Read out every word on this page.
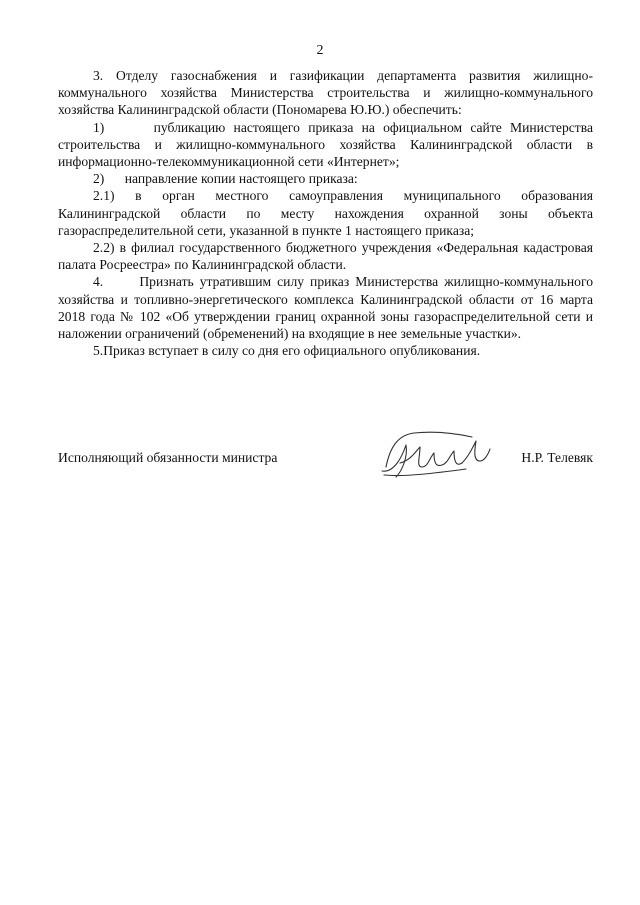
2

3. Отделу газоснабжения и газификации департамента развития жилищно-коммунального хозяйства Министерства строительства и жилищно-коммунального хозяйства Калининградской области (Пономарева Ю.Ю.) обеспечить:

1)      публикацию настоящего приказа на официальном сайте Министерства строительства и жилищно-коммунального хозяйства Калининградской области в информационно-телекоммуникационной сети «Интернет»;

2)      направление копии настоящего приказа:

2.1) в орган местного самоуправления муниципального образования Калининградской области по месту нахождения охранной зоны объекта газораспределительной сети, указанной в пункте 1 настоящего приказа;

2.2) в филиал государственного бюджетного учреждения «Федеральная кадастровая палата Росреестра» по Калининградской области.

4.      Признать утратившим силу приказ Министерства жилищно-коммунального хозяйства и топливно-энергетического комплекса Калининградской области от 16 марта 2018 года № 102 «Об утверждении границ охранной зоны газораспределительной сети и наложении ограничений (обременений) на входящие в нее земельные участки».

5.Приказ вступает в силу со дня его официального опубликования.

Исполняющий обязанности министра	Н.Р. Телевяк
